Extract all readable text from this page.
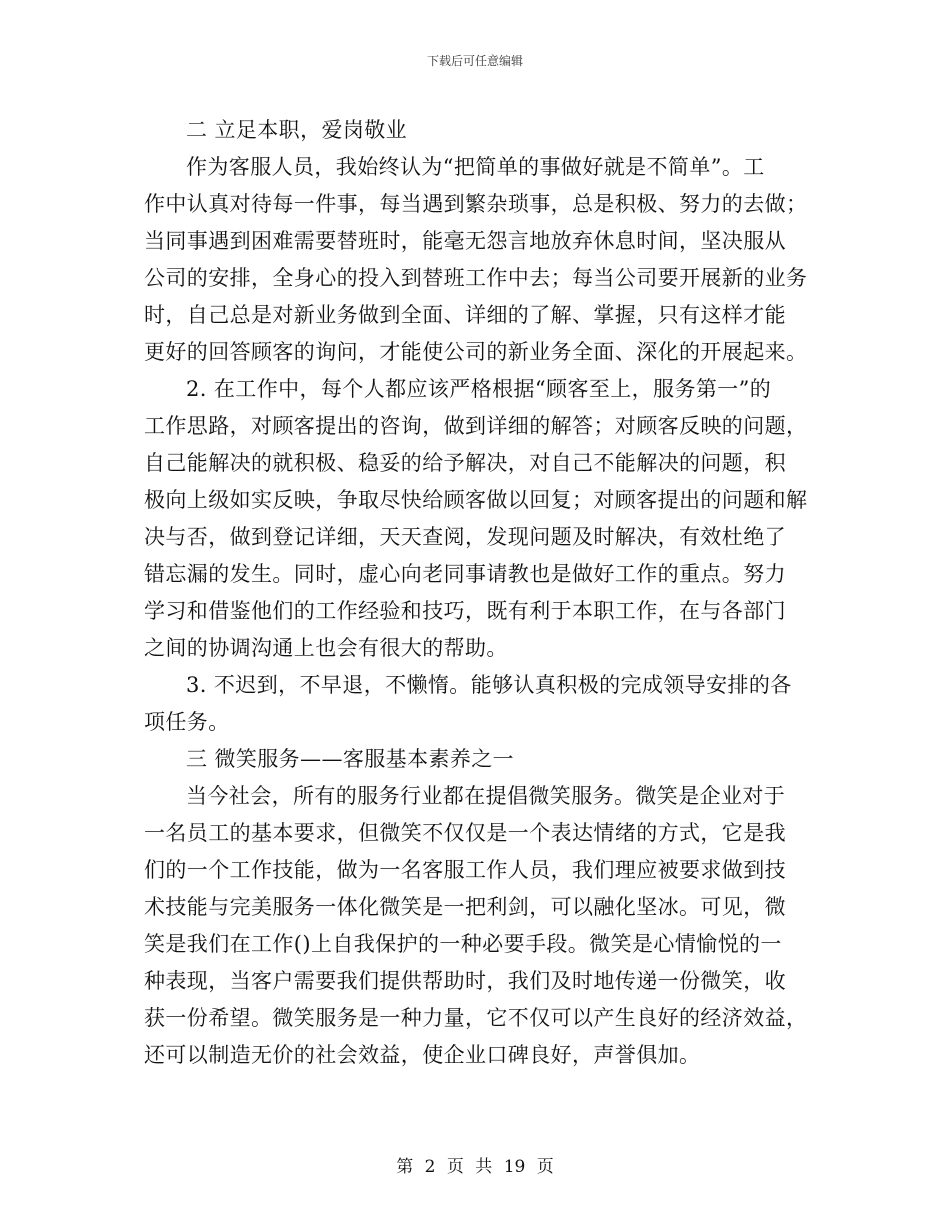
下载后可任意编辑
二 立足本职，爱岗敬业
作为客服人员，我始终认为“把简单的事做好就是不简单”。工
作中认真对待每一件事，每当遇到繁杂琐事，总是积极、努力的去做；
当同事遇到困难需要替班时，能毫无怨言地放弃休息时间，坚决服从
公司的安排，全身心的投入到替班工作中去；每当公司要开展新的业务
时，自己总是对新业务做到全面、详细的了解、掌握，只有这样才能
更好的回答顾客的询问，才能使公司的新业务全面、深化的开展起来。
2. 在工作中，每个人都应该严格根据“顾客至上，服务第一”的
工作思路，对顾客提出的咨询，做到详细的解答；对顾客反映的问题，
自己能解决的就积极、稳妥的给予解决，对自己不能解决的问题，积
极向上级如实反映，争取尽快给顾客做以回复；对顾客提出的问题和解
决与否，做到登记详细，天天查阅，发现问题及时解决，有效杜绝了
错忘漏的发生。同时，虚心向老同事请教也是做好工作的重点。努力
学习和借鉴他们的工作经验和技巧，既有利于本职工作，在与各部门
之间的协调沟通上也会有很大的帮助。
3. 不迟到，不早退，不懒惰。能够认真积极的完成领导安排的各
项任务。
三 微笑服务——客服基本素养之一
当今社会，所有的服务行业都在提倡微笑服务。微笑是企业对于
一名员工的基本要求，但微笑不仅仅是一个表达情绪的方式，它是我
们的一个工作技能，做为一名客服工作人员，我们理应被要求做到技
术技能与完美服务一体化微笑是一把利剑，可以融化坚冰。可见，微
笑是我们在工作()上自我保护的一种必要手段。微笑是心情愉悦的一
种表现，当客户需要我们提供帮助时，我们及时地传递一份微笑，收
获一份希望。微笑服务是一种力量，它不仅可以产生良好的经济效益，
还可以制造无价的社会效益，使企业口碑良好，声誉俱加。
第 2 页 共 19 页
